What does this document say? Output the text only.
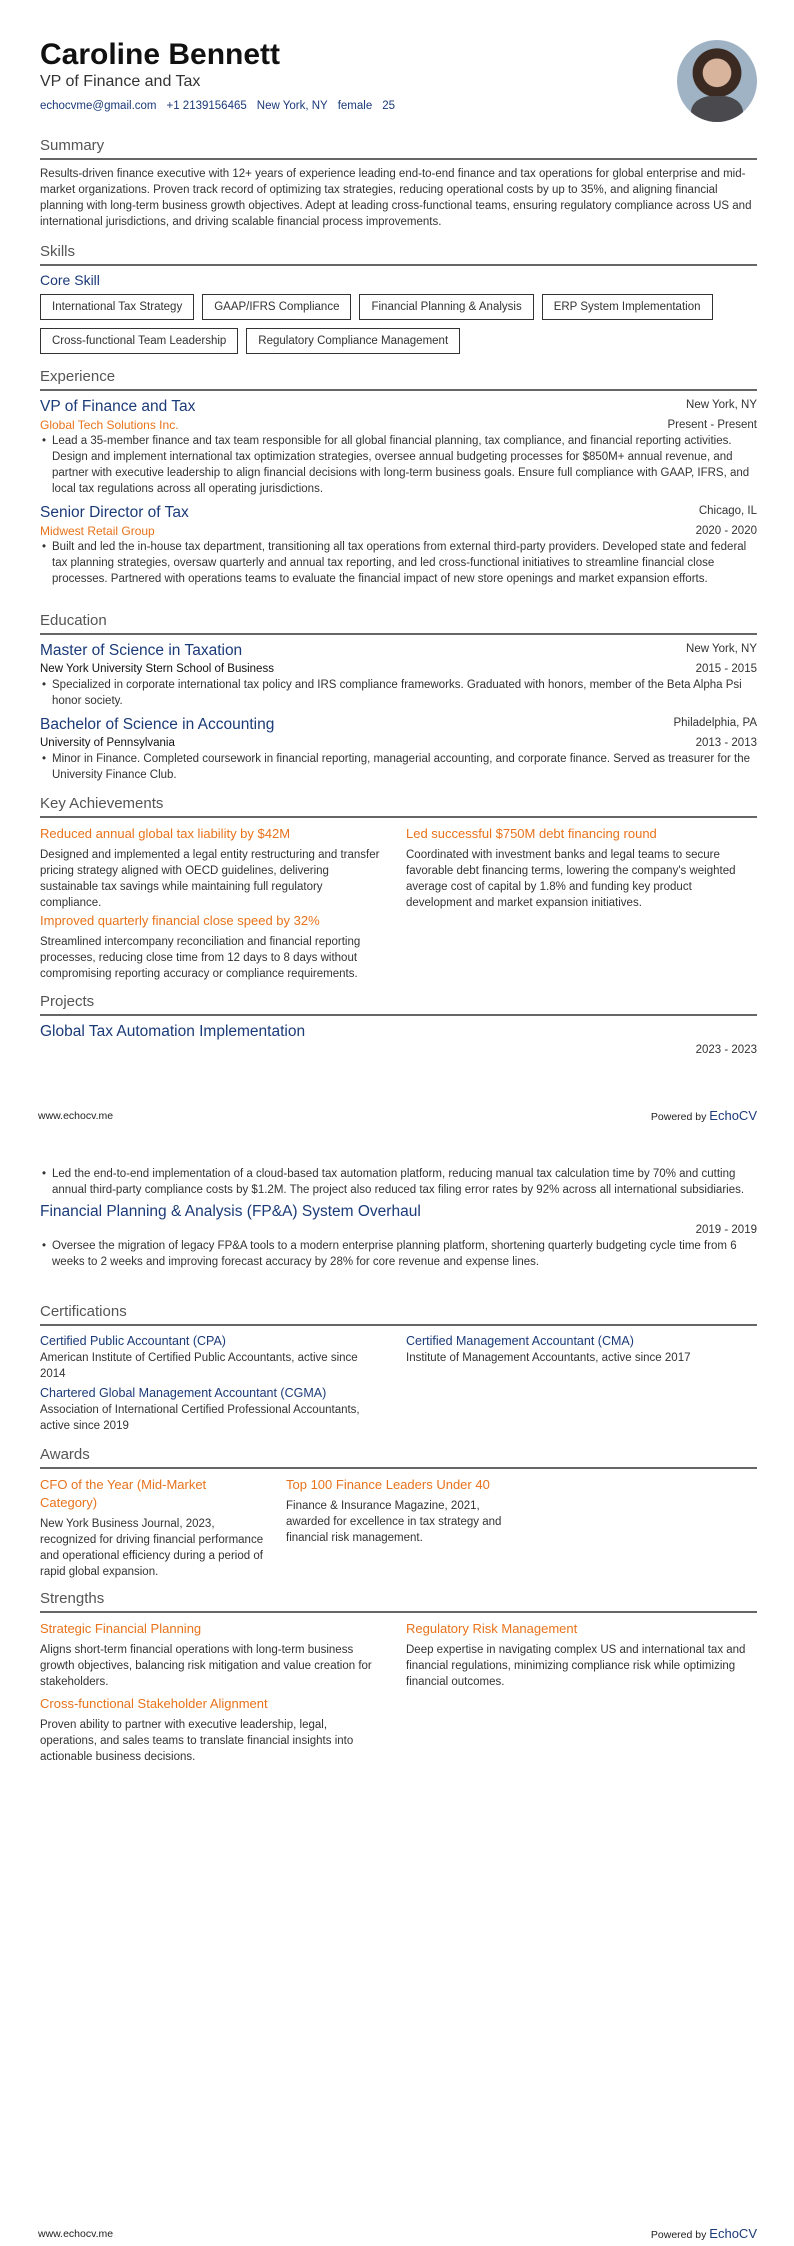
Caroline Bennett
VP of Finance and Tax
echocvme@gmail.com +1 2139156465 New York, NY female 25
Summary
Results-driven finance executive with 12+ years of experience leading end-to-end finance and tax operations for global enterprise and mid-market organizations. Proven track record of optimizing tax strategies, reducing operational costs by up to 35%, and aligning financial planning with long-term business growth objectives. Adept at leading cross-functional teams, ensuring regulatory compliance across US and international jurisdictions, and driving scalable financial process improvements.
Skills
Core Skill
International Tax Strategy	GAAP/IFRS Compliance	Financial Planning & Analysis	ERP System Implementation
Cross-functional Team Leadership	Regulatory Compliance Management
Experience
VP of Finance and Tax	New York, NY
Global Tech Solutions Inc.	Present - Present
• Lead a 35-member finance and tax team responsible for all global financial planning, tax compliance, and financial reporting activities. Design and implement international tax optimization strategies, oversee annual budgeting processes for $850M+ annual revenue, and partner with executive leadership to align financial decisions with long-term business goals. Ensure full compliance with GAAP, IFRS, and local tax regulations across all operating jurisdictions.
Senior Director of Tax	Chicago, IL
Midwest Retail Group	2020 - 2020
• Built and led the in-house tax department, transitioning all tax operations from external third-party providers. Developed state and federal tax planning strategies, oversaw quarterly and annual tax reporting, and led cross-functional initiatives to streamline financial close processes. Partnered with operations teams to evaluate the financial impact of new store openings and market expansion efforts.
Education
Master of Science in Taxation	New York, NY
New York University Stern School of Business	2015 - 2015
• Specialized in corporate international tax policy and IRS compliance frameworks. Graduated with honors, member of the Beta Alpha Psi honor society.
Bachelor of Science in Accounting	Philadelphia, PA
University of Pennsylvania	2013 - 2013
• Minor in Finance. Completed coursework in financial reporting, managerial accounting, and corporate finance. Served as treasurer for the University Finance Club.
Key Achievements
Reduced annual global tax liability by $42M
Designed and implemented a legal entity restructuring and transfer pricing strategy aligned with OECD guidelines, delivering sustainable tax savings while maintaining full regulatory compliance.
Led successful $750M debt financing round
Coordinated with investment banks and legal teams to secure favorable debt financing terms, lowering the company's weighted average cost of capital by 1.8% and funding key product development and market expansion initiatives.
Improved quarterly financial close speed by 32%
Streamlined intercompany reconciliation and financial reporting processes, reducing close time from 12 days to 8 days without compromising reporting accuracy or compliance requirements.
Projects
Global Tax Automation Implementation
2023 - 2023
www.echocv.me	Powered by EchoCV
• Led the end-to-end implementation of a cloud-based tax automation platform, reducing manual tax calculation time by 70% and cutting annual third-party compliance costs by $1.2M. The project also reduced tax filing error rates by 92% across all international subsidiaries.
Financial Planning & Analysis (FP&A) System Overhaul
2019 - 2019
• Oversee the migration of legacy FP&A tools to a modern enterprise planning platform, shortening quarterly budgeting cycle time from 6 weeks to 2 weeks and improving forecast accuracy by 28% for core revenue and expense lines.
Certifications
Certified Public Accountant (CPA)
American Institute of Certified Public Accountants, active since 2014
Certified Management Accountant (CMA)
Institute of Management Accountants, active since 2017
Chartered Global Management Accountant (CGMA)
Association of International Certified Professional Accountants, active since 2019
Awards
CFO of the Year (Mid-Market Category)
New York Business Journal, 2023, recognized for driving financial performance and operational efficiency during a period of rapid global expansion.
Top 100 Finance Leaders Under 40
Finance & Insurance Magazine, 2021, awarded for excellence in tax strategy and financial risk management.
Strengths
Strategic Financial Planning
Aligns short-term financial operations with long-term business growth objectives, balancing risk mitigation and value creation for stakeholders.
Regulatory Risk Management
Deep expertise in navigating complex US and international tax and financial regulations, minimizing compliance risk while optimizing financial outcomes.
Cross-functional Stakeholder Alignment
Proven ability to partner with executive leadership, legal, operations, and sales teams to translate financial insights into actionable business decisions.
www.echocv.me	Powered by EchoCV
